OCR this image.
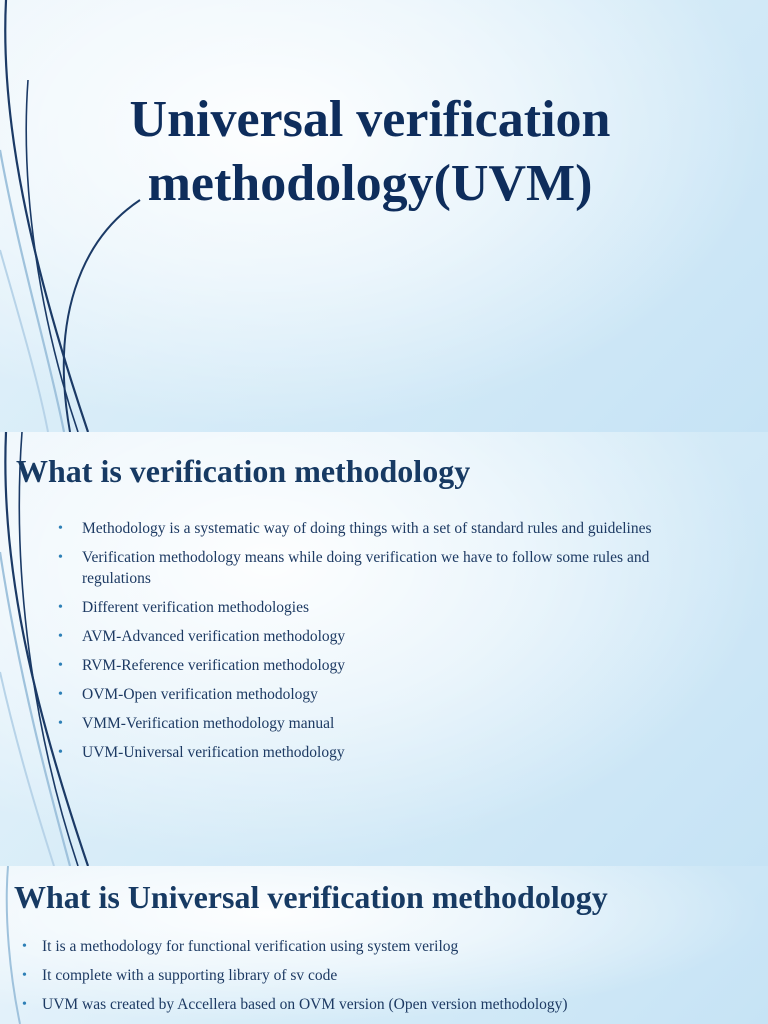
Universal verification methodology(UVM)
What is verification methodology
• Methodology is a systematic way of doing things with a set of standard rules and guidelines
• Verification methodology means while doing verification we have to follow some rules and regulations
• Different verification methodologies
• AVM-Advanced verification methodology
• RVM-Reference verification methodology
• OVM-Open verification methodology
• VMM-Verification methodology manual
• UVM-Universal verification methodology
What is Universal verification methodology
• It is a methodology for functional verification using system verilog
• It complete with a supporting library of sv code
• UVM was created by Accellera based on OVM version (Open version methodology)
